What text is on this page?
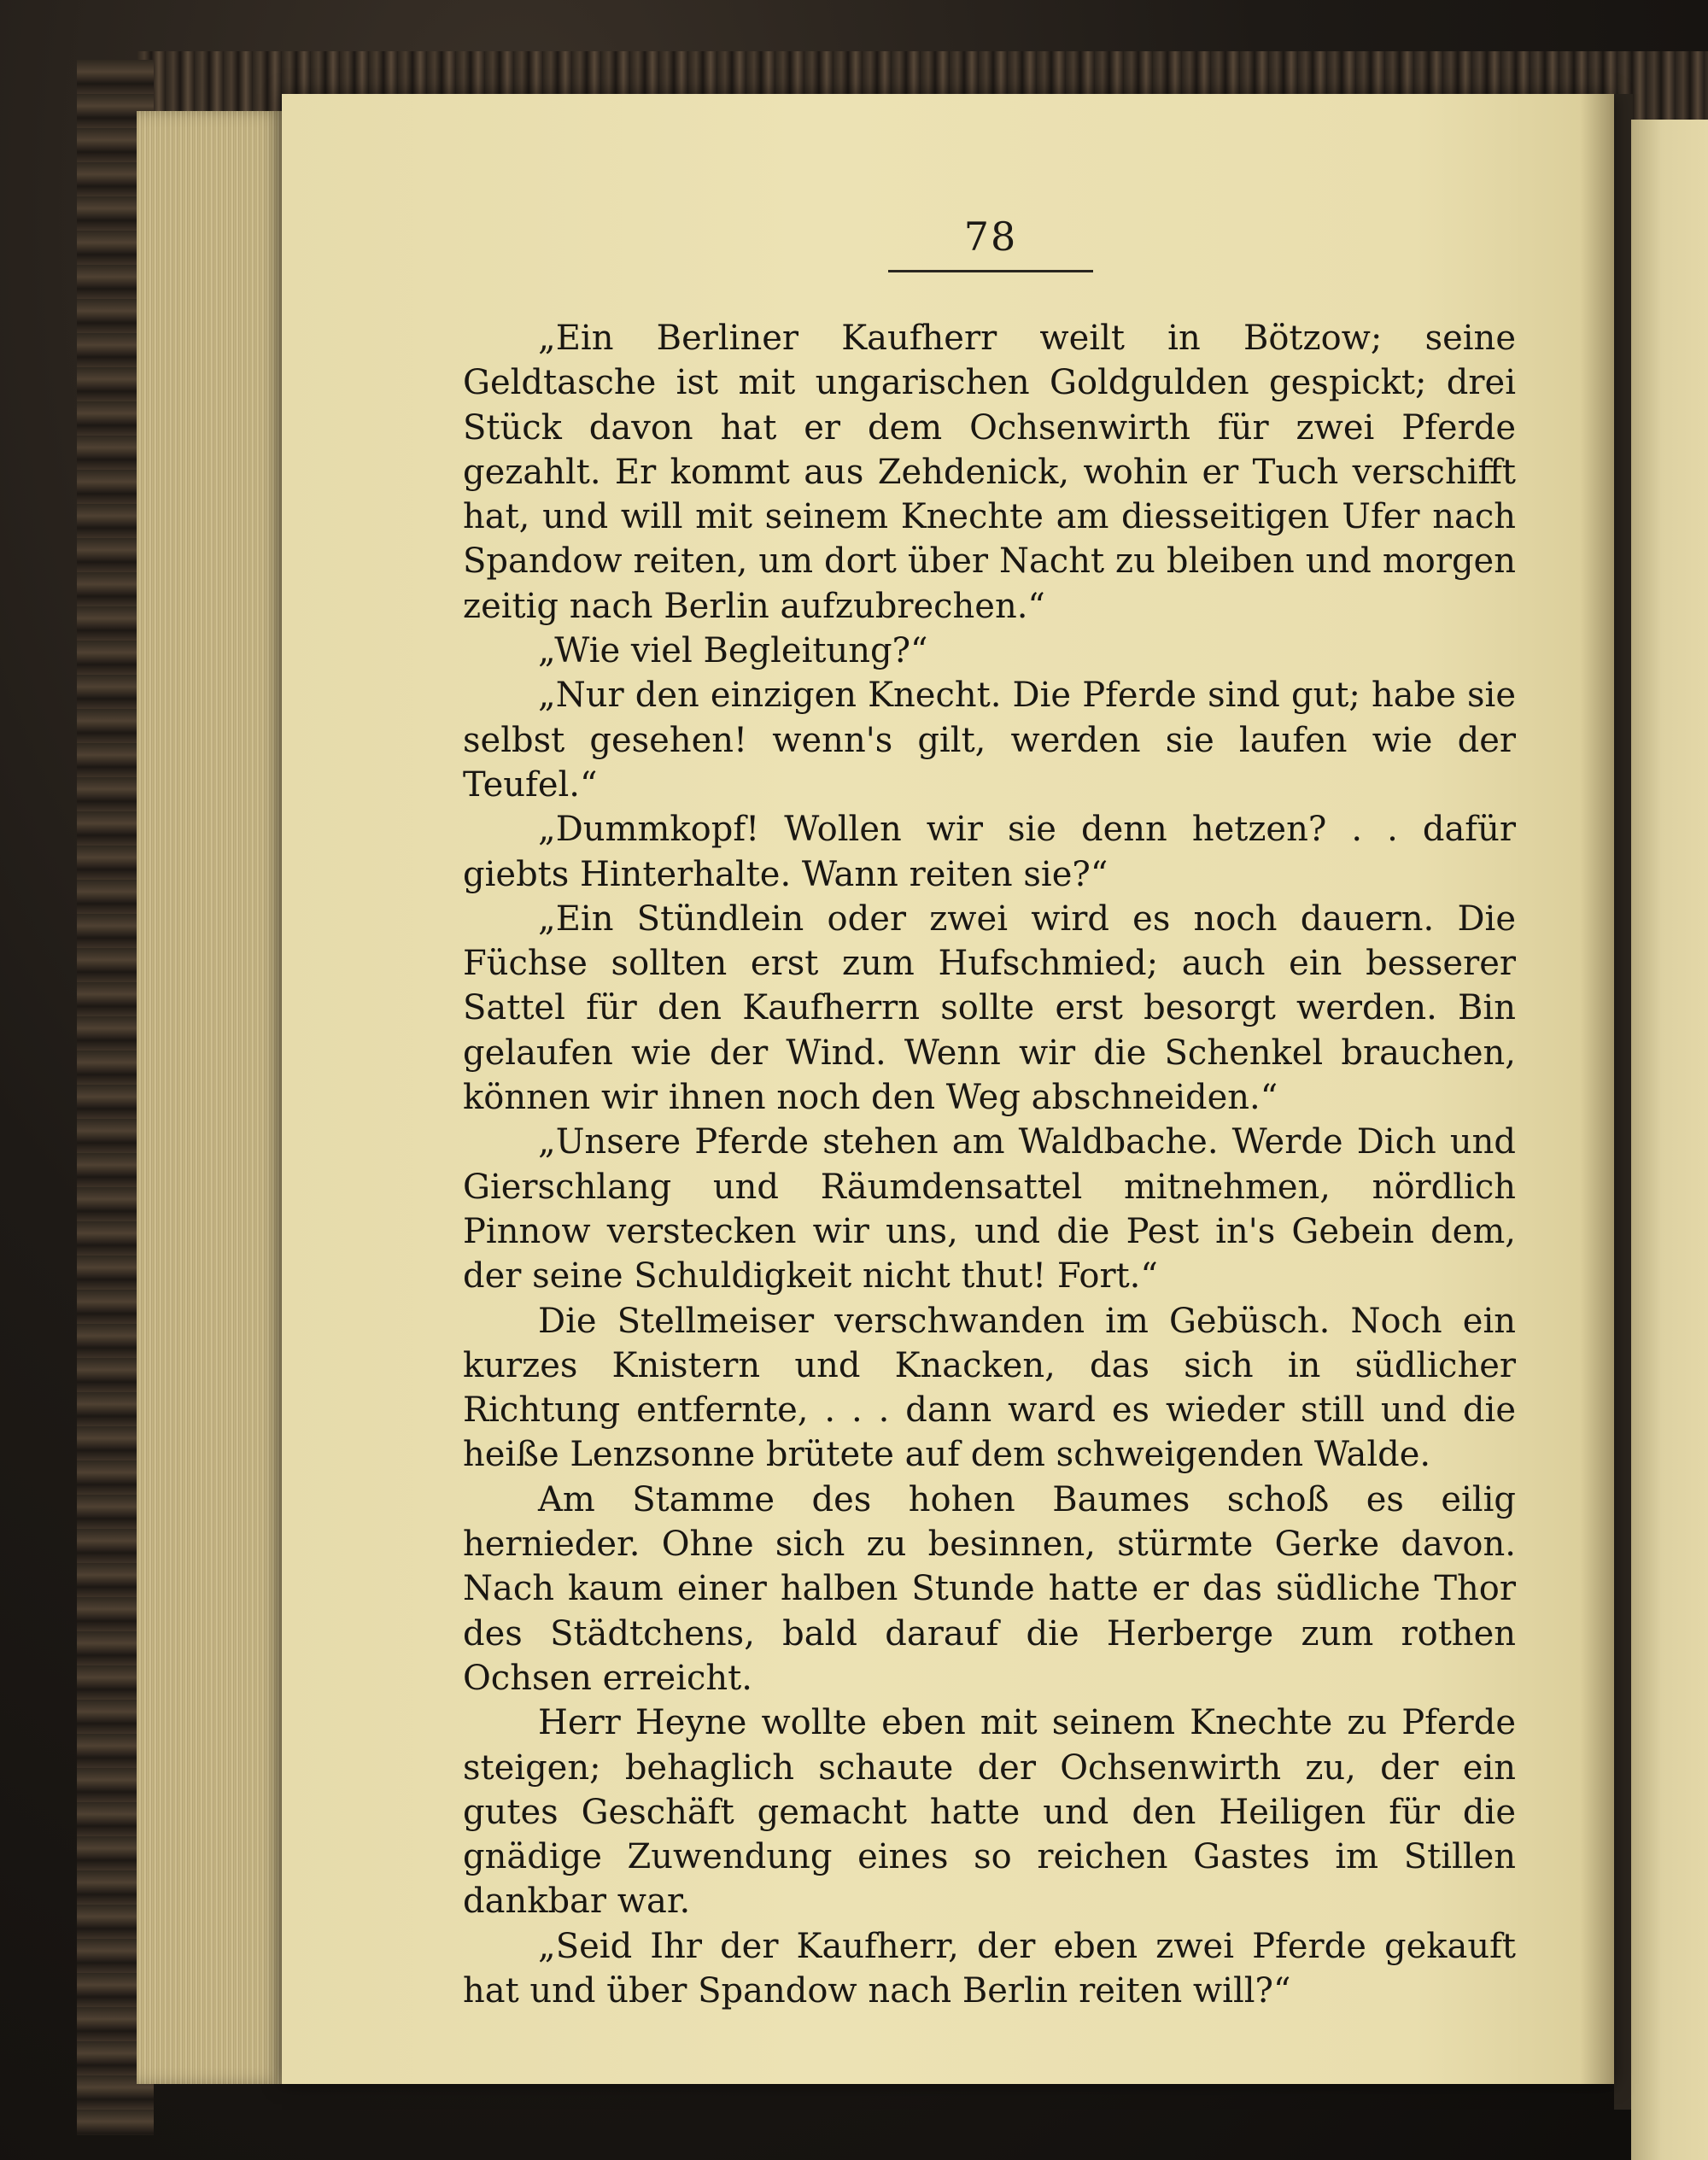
78

„Ein Berliner Kaufherr weilt in Bötzow; seine Geldtasche ist mit ungarischen Goldgulden gespickt; drei Stück davon hat er dem Ochsenwirth für zwei Pferde gezahlt. Er kommt aus Zehdenick, wohin er Tuch verschifft hat, und will mit seinem Knechte am diesseitigen Ufer nach Spandow reiten, um dort über Nacht zu bleiben und morgen zeitig nach Berlin aufzubrechen.“

„Wie viel Begleitung?“

„Nur den einzigen Knecht. Die Pferde sind gut; habe sie selbst gesehen! wenn's gilt, werden sie laufen wie der Teufel.“

„Dummkopf! Wollen wir sie denn hetzen? . . dafür giebts Hinterhalte. Wann reiten sie?“

„Ein Stündlein oder zwei wird es noch dauern. Die Füchse sollten erst zum Hufschmied; auch ein besserer Sattel für den Kaufherrn sollte erst besorgt werden. Bin gelaufen wie der Wind. Wenn wir die Schenkel brauchen, können wir ihnen noch den Weg abschneiden.“

„Unsere Pferde stehen am Waldbache. Werde Dich und Gierschlang und Räumdensattel mitnehmen, nördlich Pinnow verstecken wir uns, und die Pest in's Gebein dem, der seine Schuldigkeit nicht thut! Fort.“

Die Stellmeiser verschwanden im Gebüsch. Noch ein kurzes Knistern und Knacken, das sich in südlicher Richtung entfernte, . . . dann ward es wieder still und die heiße Lenzsonne brütete auf dem schweigenden Walde.

Am Stamme des hohen Baumes schoß es eilig hernieder. Ohne sich zu besinnen, stürmte Gerke davon. Nach kaum einer halben Stunde hatte er das südliche Thor des Städtchens, bald darauf die Herberge zum rothen Ochsen erreicht.

Herr Heyne wollte eben mit seinem Knechte zu Pferde steigen; behaglich schaute der Ochsenwirth zu, der ein gutes Geschäft gemacht hatte und den Heiligen für die gnädige Zuwendung eines so reichen Gastes im Stillen dankbar war.

„Seid Ihr der Kaufherr, der eben zwei Pferde gekauft hat und über Spandow nach Berlin reiten will?“
